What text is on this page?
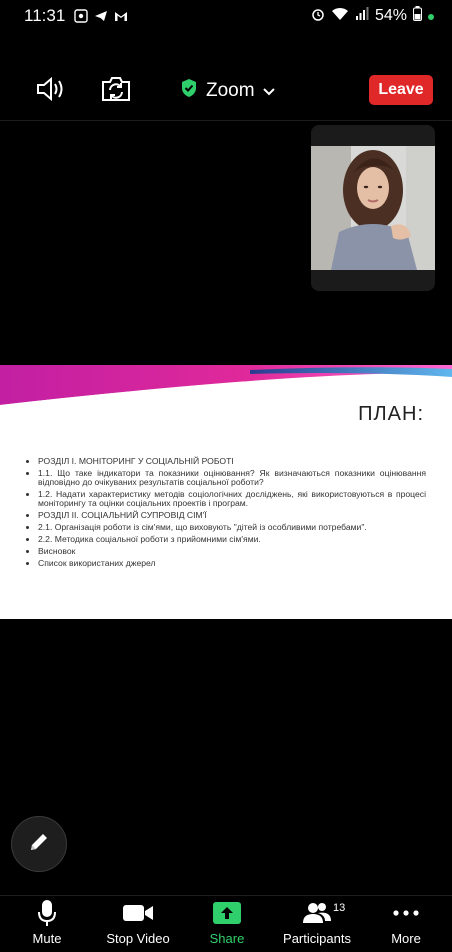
11:31	54%
Zoom	Leave
ПЛАН:
• РОЗДІЛ І. МОНІТОРИНГ У СОЦІАЛЬНІЙ РОБОТІ
• 1.1. Що таке індикатори та показники оцінювання? Як визначаються показники оцінювання відповідно до очікуваних результатів соціальної роботи?
• 1.2. Надати характеристику методів соціологічних досліджень, які використовуються в процесі моніторингу та оцінки соціальних проектів і програм.
• РОЗДІЛ ІІ. СОЦІАЛЬНИЙ СУПРОВІД СІМ'Ї
• 2.1. Організація роботи із сім'ями, що виховують "дітей із особливими потребами".
• 2.2. Методика соціальної роботи з прийомними сім'ями.
• Висновок
• Список використаних джерел
Mute	Stop Video	Share	Participants
13
More
